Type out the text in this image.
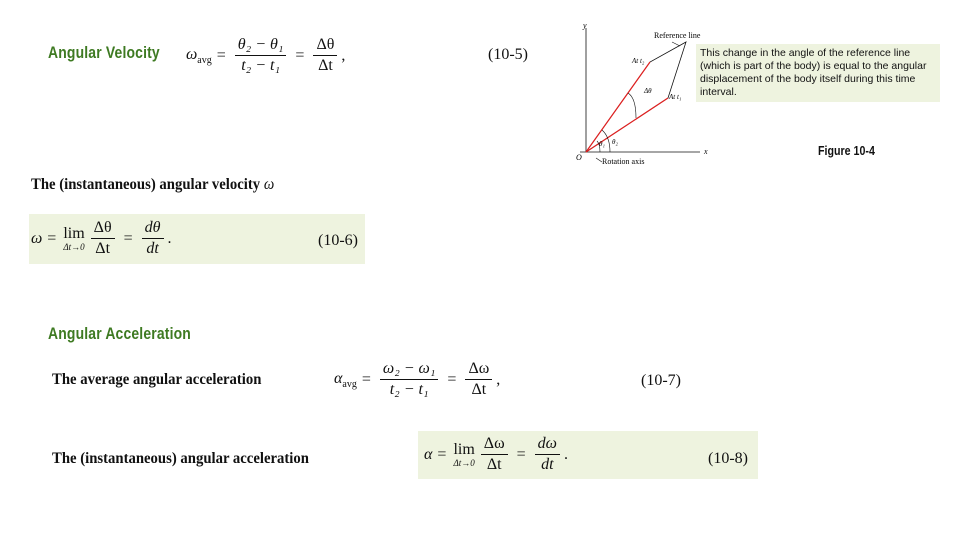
Angular Velocity $\omega_{avg} = \frac{\text{θ₂ − θ₁}}{\text{t₂ − t₁}} = \frac{\Delta\theta}{\Delta t}$ ,	(10-5)
The (instantaneous) angular velocity ω
ω = lim
$\Delta t\to 0 \frac{\Delta\theta}{\Delta t} = \frac{d\theta}{dt}$ .	(10-6)
y
x
O
θ₁ θ₂
Δθ
At t₂
At t₁
Reference line
Rotation axis
This change in the angle of the reference line (which is part of the body) is equal to the angular displacement of the body itself during this time interval.
Figure 10-4
Angular Acceleration
The average angular acceleration	$\alpha_{avg} = \frac{\text{ω₂ − ω₁}}{\text{t₂ − t₁}} = \frac{\Delta\omega}{\Delta t}$ ,	(10-7)
The (instantaneous) angular acceleration	α = lim
$\Delta t\to 0 \frac{\Delta\omega}{\Delta t} = \frac{d\omega}{dt}$ .	(10-8)
